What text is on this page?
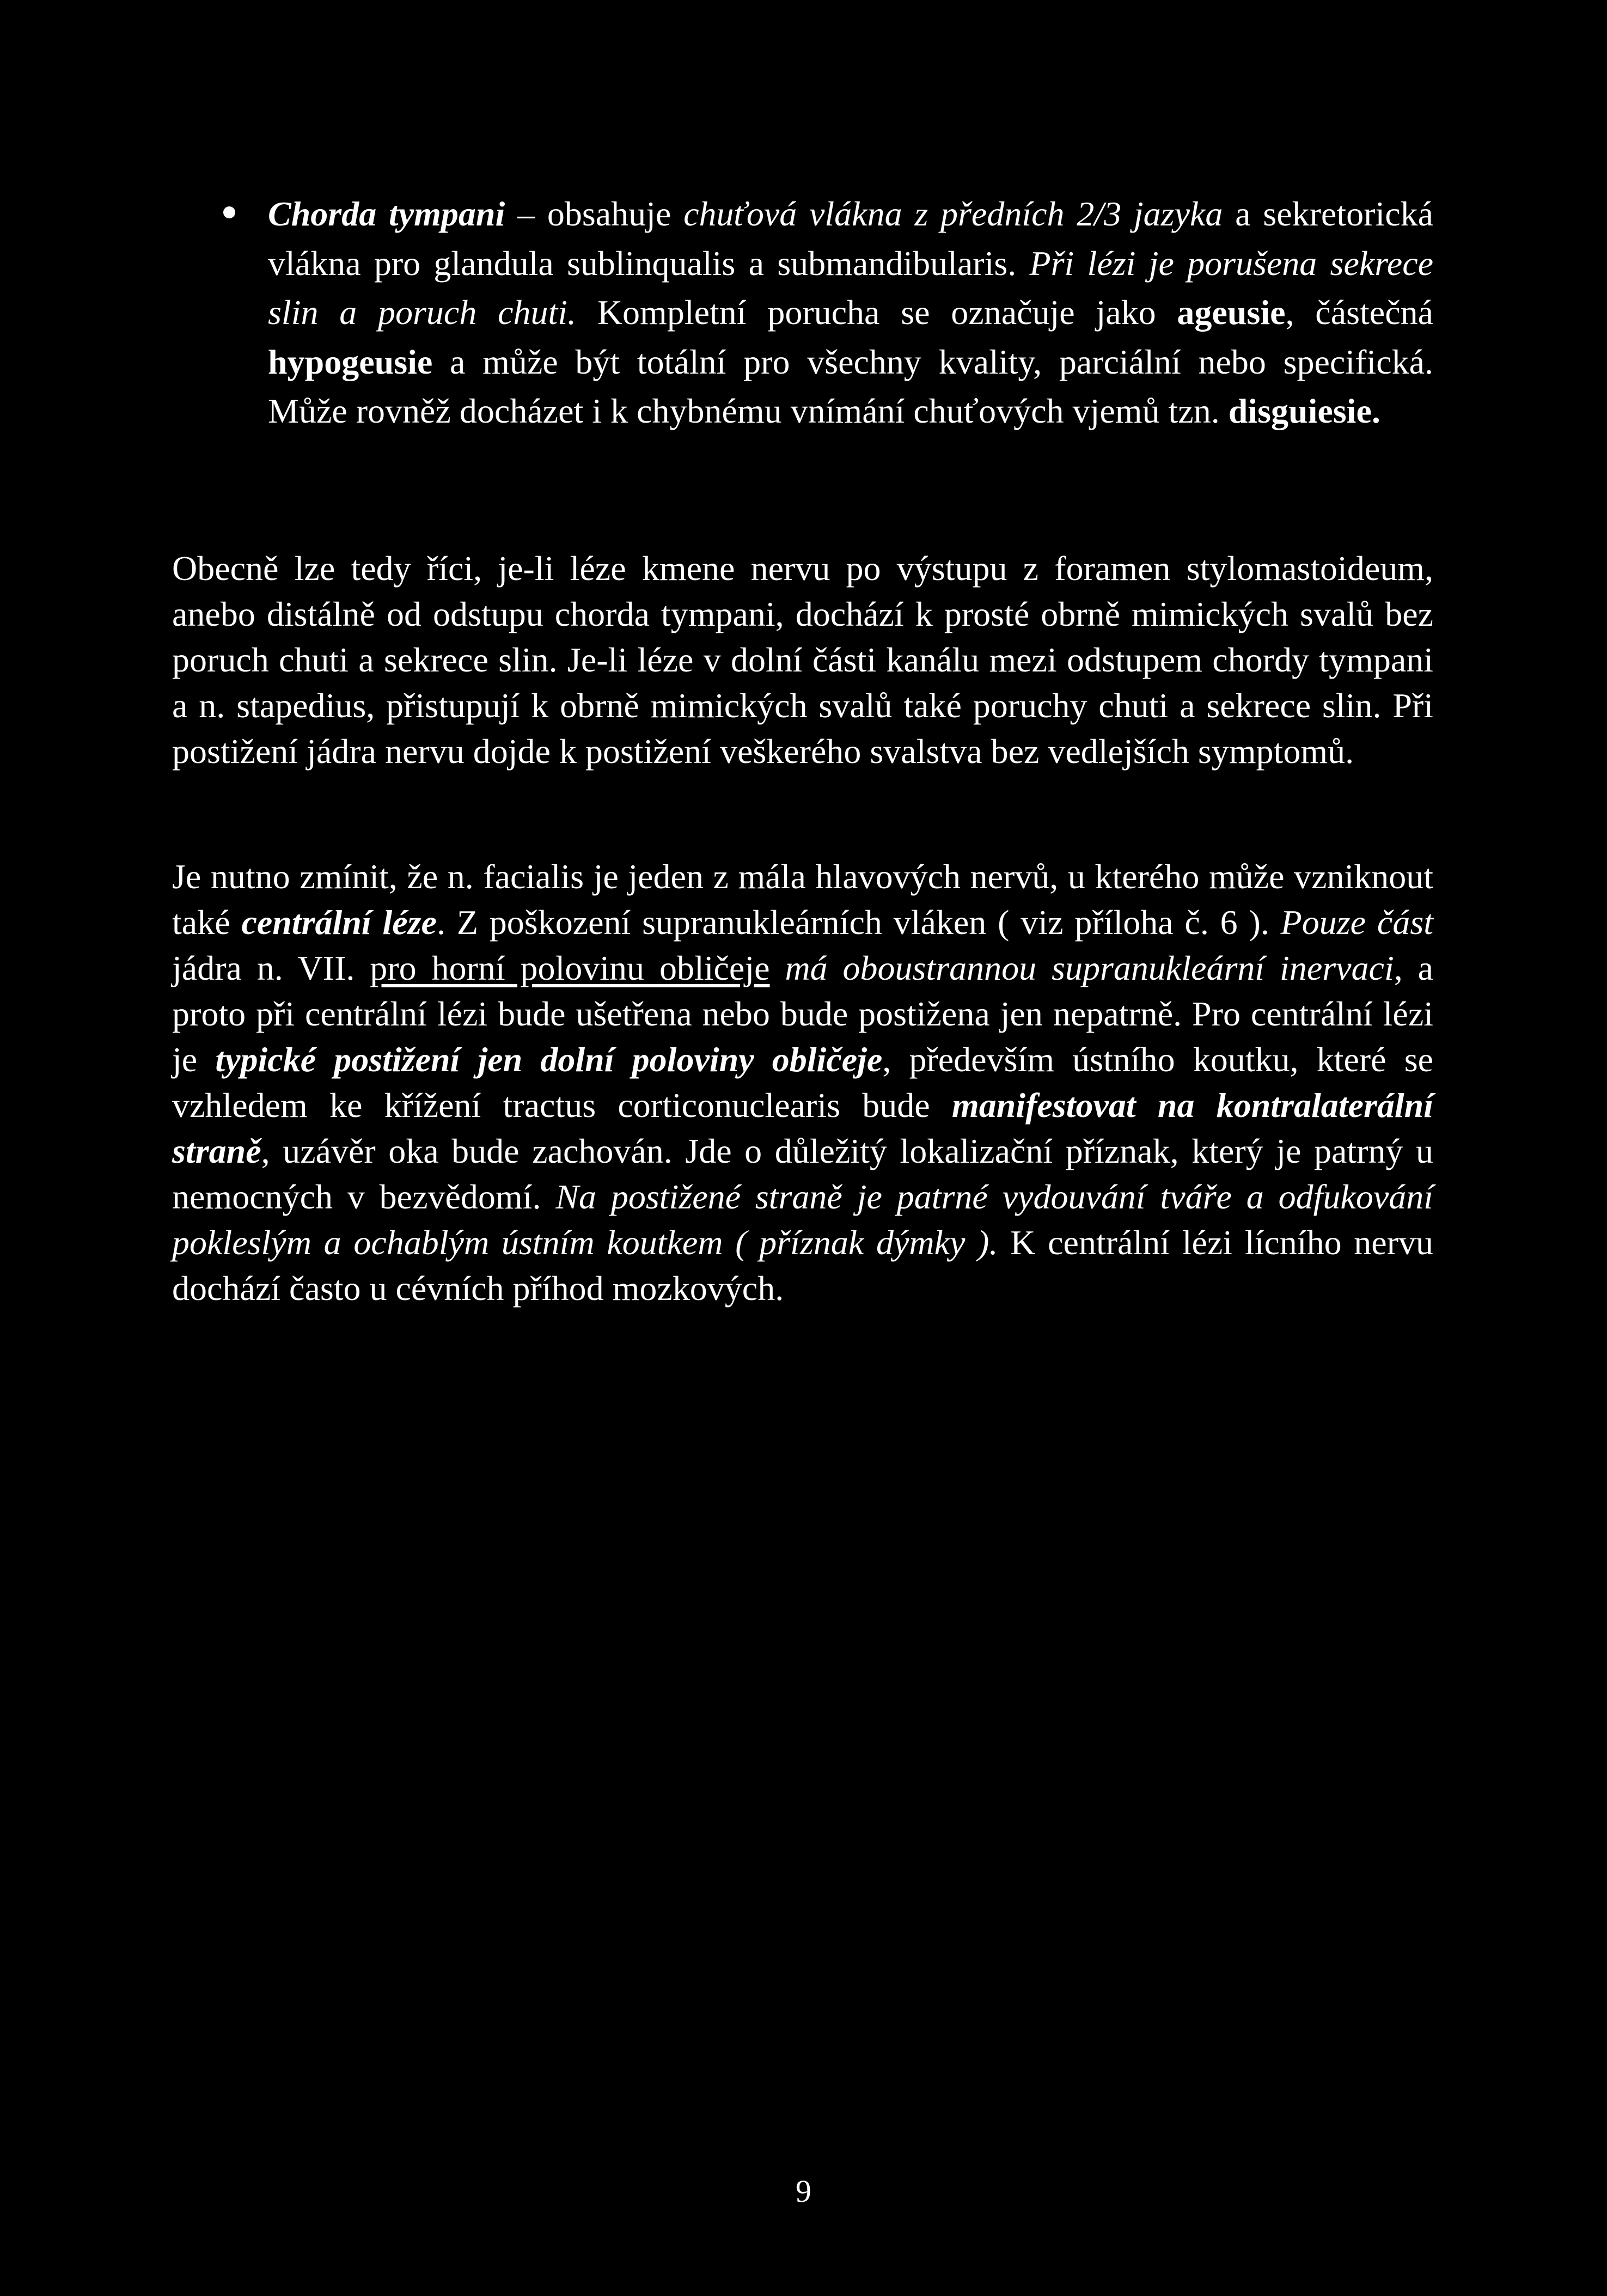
Chorda tympani – obsahuje chuťová vlákna z předních 2/3 jazyka a sekretorická vlákna pro glandula sublinqualis a submandibularis. Při lézi je porušena sekrece slin a poruch chuti. Kompletní porucha se označuje jako ageusie, částečná hypogeusie a může být totální pro všechny kvality, parciální nebo specifická. Může rovněž docházet i k chybnému vnímání chuťových vjemů tzn. disguiesie.
Obecně lze tedy říci, je-li léze kmene nervu po výstupu z foramen stylomastoideum, anebo distálně od odstupu chorda tympani, dochází k prosté obrně mimických svalů bez poruch chuti a sekrece slin. Je-li léze v dolní části kanálu mezi odstupem chordy tympani a n. stapedius, přistupují k obrně mimických svalů také poruchy chuti a sekrece slin. Při postižení jádra nervu dojde k postižení veškerého svalstva bez vedlejších symptomů.
Je nutno zmínit, že n. facialis je jeden z mála hlavových nervů, u kterého může vzniknout také centrální léze. Z poškození supranukleárních vláken ( viz příloha č. 6 ). Pouze část jádra n. VII. pro horní polovinu obličeje má oboustrannou supranukleární inervaci, a proto při centrální lézi bude ušetřena nebo bude postižena jen nepatrně. Pro centrální lézi je typické postižení jen dolní poloviny obličeje, především ústního koutku, které se vzhledem ke křížení tractus corticonuclearis bude manifestovat na kontralaterální straně, uzávěr oka bude zachován. Jde o důležitý lokalizační příznak, který je patrný u nemocných v bezvědomí. Na postižené straně je patrné vydouvání tváře a odfukování pokleslým a ochablým ústním koutkem ( příznak dýmky ). K centrální lézi lícního nervu dochází často u cévních příhod mozkových.
9
